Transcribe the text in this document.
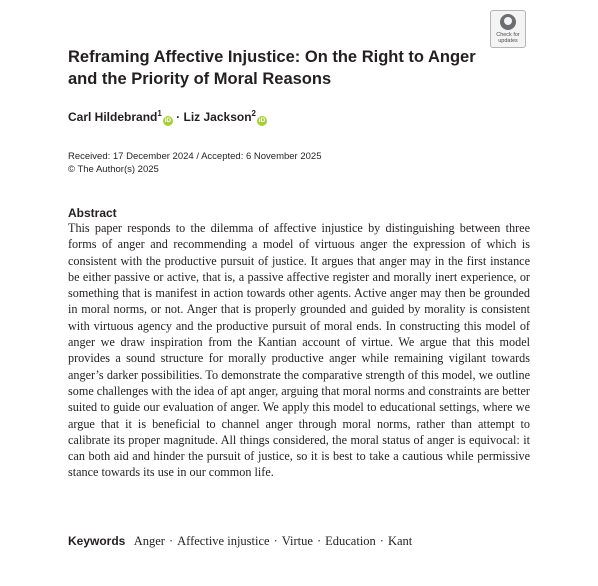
Check for updates
Reframing Affective Injustice: On the Right to Anger and the Priority of Moral Reasons
Carl Hildebrand$^1$iD · Liz Jackson$^2$iD
Received: 17 December 2024 / Accepted: 6 November 2025
© The Author(s) 2025
Abstract

This paper responds to the dilemma of affective injustice by distinguishing between three forms of anger and recommending a model of virtuous anger the expression of which is consistent with the productive pursuit of justice. It argues that anger may in the first instance be either passive or active, that is, a passive affective register and morally inert experience, or something that is manifest in action towards other agents. Active anger may then be grounded in moral norms, or not. Anger that is properly grounded and guided by morality is consistent with virtuous agency and the productive pursuit of moral ends. In constructing this model of anger we draw inspiration from the Kantian account of virtue. We argue that this model provides a sound structure for morally productive anger while remaining vigilant towards anger’s darker possibilities. To demonstrate the comparative strength of this model, we outline some challenges with the idea of apt anger, arguing that moral norms and constraints are better suited to guide our evaluation of anger. We apply this model to educational settings, where we argue that it is beneficial to channel anger through moral norms, rather than attempt to calibrate its proper magnitude. All things considered, the moral status of anger is equivocal: it can both aid and hinder the pursuit of justice, so it is best to take a cautious while permissive stance towards its use in our common life.

Keywords Anger · Affective injustice · Virtue · Education · Kant
